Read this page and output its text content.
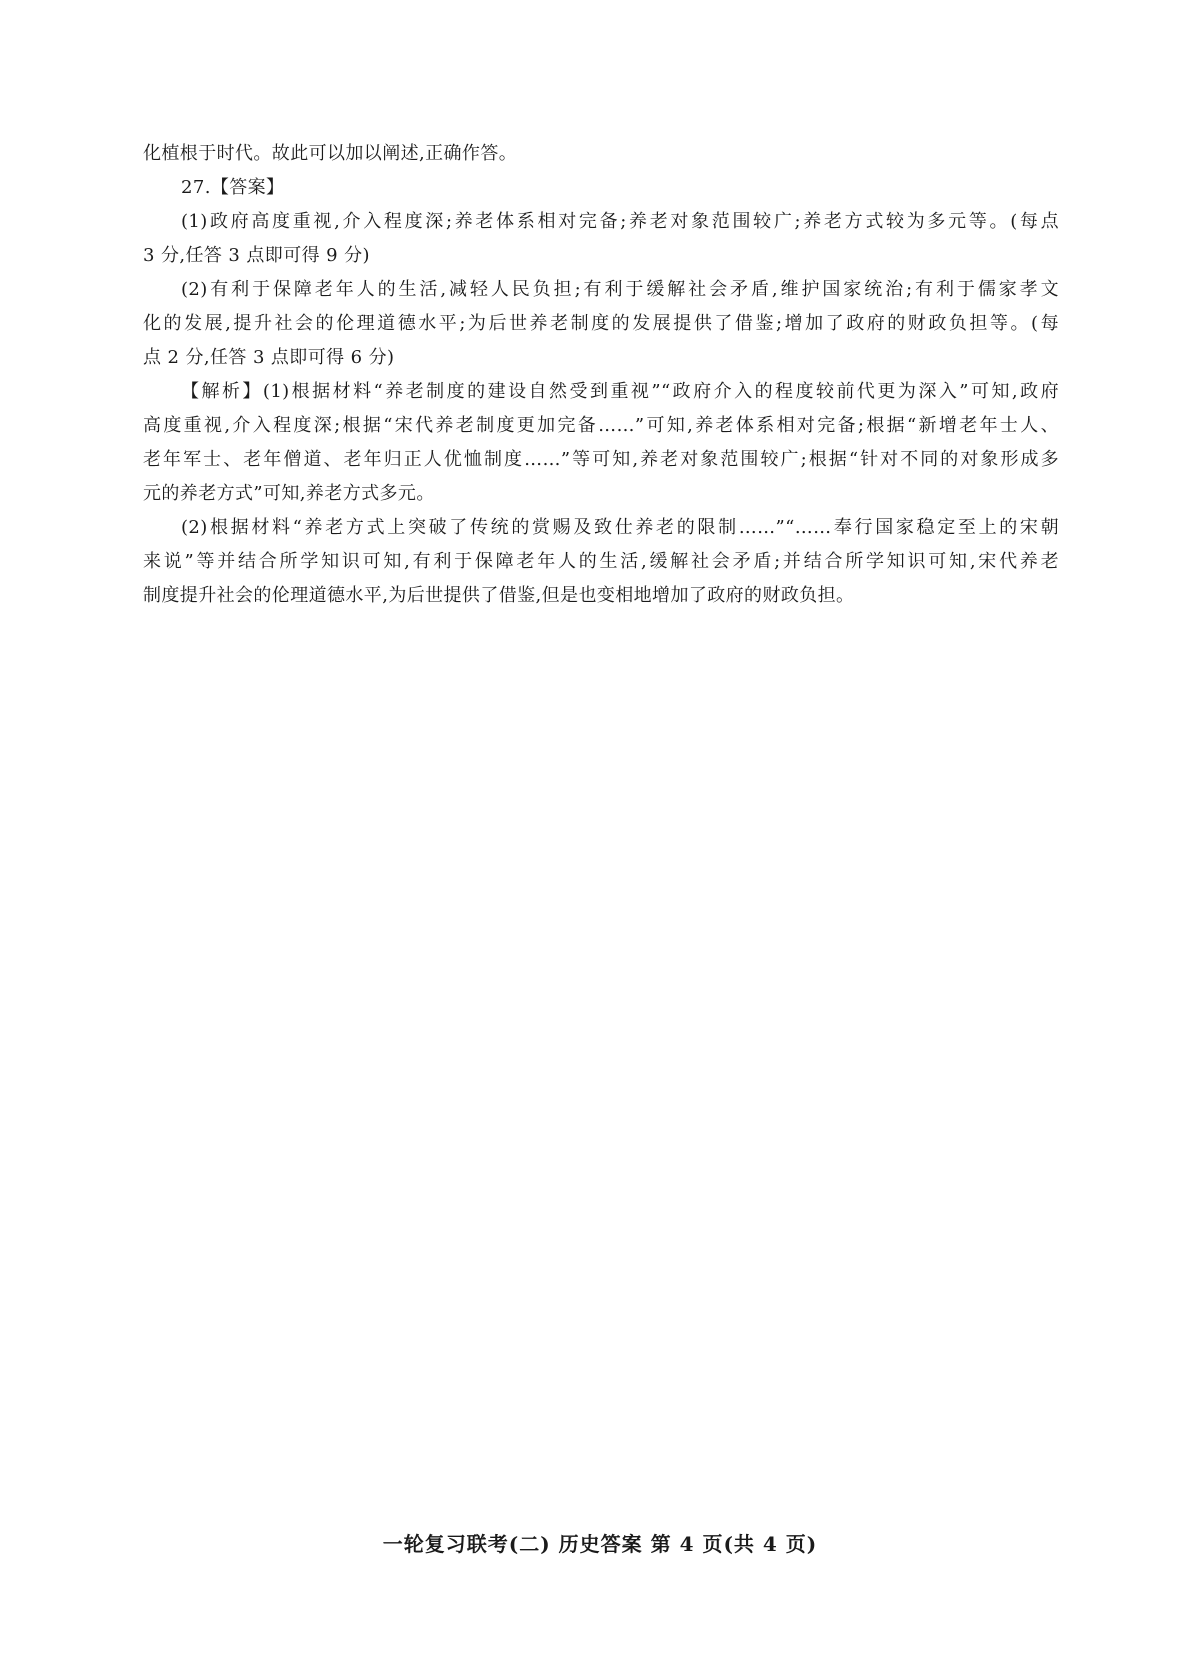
化植根于时代。故此可以加以阐述,正确作答。
27.【答案】
(1)政府高度重视,介入程度深;养老体系相对完备;养老对象范围较广;养老方式较为多元等。(每点
3 分,任答 3 点即可得 9 分)
(2)有利于保障老年人的生活,减轻人民负担;有利于缓解社会矛盾,维护国家统治;有利于儒家孝文
化的发展,提升社会的伦理道德水平;为后世养老制度的发展提供了借鉴;增加了政府的财政负担等。(每
点 2 分,任答 3 点即可得 6 分)
【解析】(1)根据材料“养老制度的建设自然受到重视”“政府介入的程度较前代更为深入”可知,政府
高度重视,介入程度深;根据“宋代养老制度更加完备……”可知,养老体系相对完备;根据“新增老年士人、
老年军士、老年僧道、老年归正人优恤制度……”等可知,养老对象范围较广;根据“针对不同的对象形成多
元的养老方式”可知,养老方式多元。
(2)根据材料“养老方式上突破了传统的赏赐及致仕养老的限制……”“……奉行国家稳定至上的宋朝
来说”等并结合所学知识可知,有利于保障老年人的生活,缓解社会矛盾;并结合所学知识可知,宋代养老
制度提升社会的伦理道德水平,为后世提供了借鉴,但是也变相地增加了政府的财政负担。
一轮复习联考(二) 历史答案 第 4 页(共 4 页)
